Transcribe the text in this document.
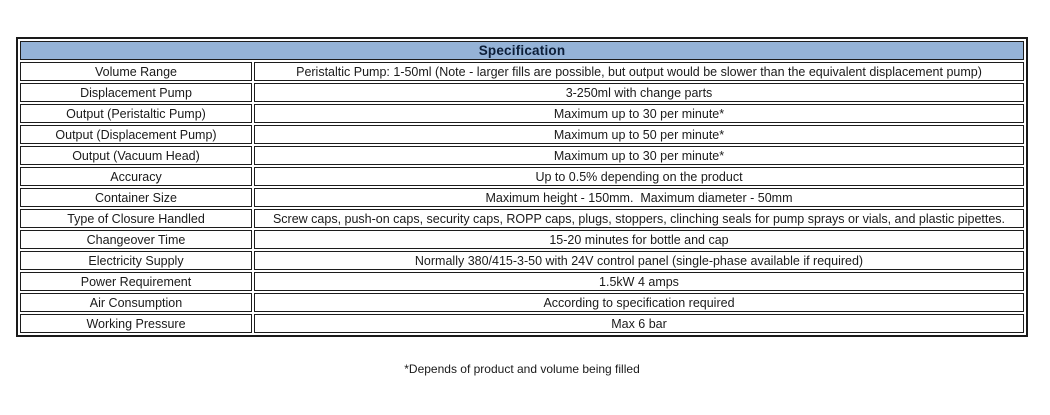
Specification	
Volume Range	Peristaltic Pump: 1-50ml (Note - larger fills are possible, but output would be slower than the equivalent displacement pump)
Displacement Pump	3-250ml with change parts
Output (Peristaltic Pump)	Maximum up to 30 per minute*
Output (Displacement Pump)	Maximum up to 50 per minute*
Output (Vacuum Head)	Maximum up to 30 per minute*
Accuracy	Up to 0.5% depending on the product
Container Size	Maximum height - 150mm.  Maximum diameter - 50mm
Type of Closure Handled	Screw caps, push-on caps, security caps, ROPP caps, plugs, stoppers, clinching seals for pump sprays or vials, and plastic pipettes.
Changeover Time	15-20 minutes for bottle and cap
Electricity Supply	Normally 380/415-3-50 with 24V control panel (single-phase available if required)
Power Requirement	1.5kW 4 amps
Air Consumption	According to specification required
Working Pressure	Max 6 bar
*Depends of product and volume being filled
